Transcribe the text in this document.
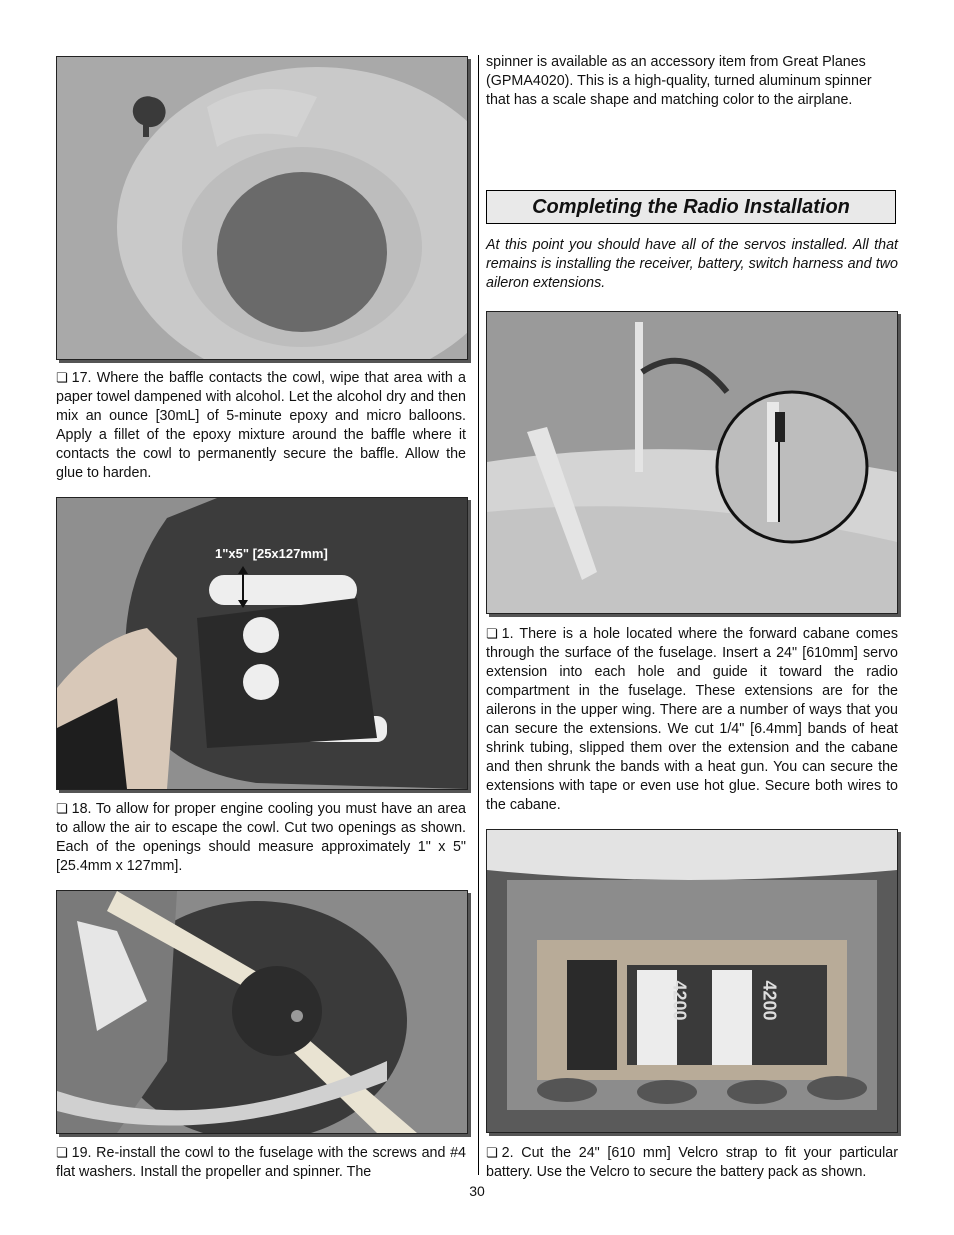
❏ 17. Where the baffle contacts the cowl, wipe that area with a paper towel dampened with alcohol. Let the alcohol dry and then mix an ounce [30mL] of 5-minute epoxy and micro balloons. Apply a fillet of the epoxy mixture around the baffle where it contacts the cowl to permanently secure the baffle. Allow the glue to harden.

1"x5" [25x127mm]

❏ 18. To allow for proper engine cooling you must have an area to allow the air to escape the cowl. Cut two openings as shown. Each of the openings should measure approximately 1" x 5" [25.4mm x 127mm].

❏ 19. Re-install the cowl to the fuselage with the screws and #4 flat washers. Install the propeller and spinner. The

spinner is available as an accessory item from Great Planes (GPMA4020). This is a high-quality, turned aluminum spinner that has a scale shape and matching color to the airplane.

Completing the Radio Installation

At this point you should have all of the servos installed. All that remains is installing the receiver, battery, switch harness and two aileron extensions.

❏ 1. There is a hole located where the forward cabane comes through the surface of the fuselage. Insert a 24" [610mm] servo extension into each hole and guide it toward the radio compartment in the fuselage. These extensions are for the ailerons in the upper wing. There are a number of ways that you can secure the extensions. We cut 1/4" [6.4mm] bands of heat shrink tubing, slipped them over the extension and the cabane and then shrunk the bands with a heat gun. You can secure the extensions with tape or even use hot glue. Secure both wires to the cabane.

4200	4200

❏ 2. Cut the 24" [610 mm] Velcro strap to fit your particular battery. Use the Velcro to secure the battery pack as shown.

30
